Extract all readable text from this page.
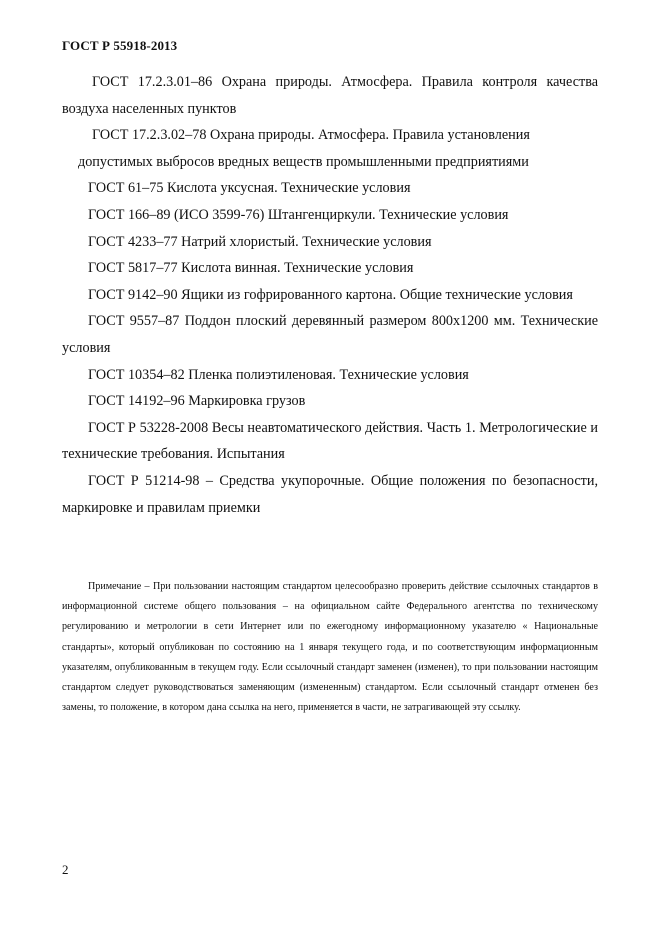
ГОСТ Р 55918-2013

ГОСТ 17.2.3.01–86 Охрана природы. Атмосфера. Правила контроля качества воздуха населенных пунктов

ГОСТ 17.2.3.02–78 Охрана природы. Атмосфера. Правила установления
допустимых выбросов вредных веществ промышленными предприятиями

ГОСТ 61–75 Кислота уксусная. Технические условия

ГОСТ 166–89 (ИСО 3599-76) Штангенциркули. Технические условия

ГОСТ 4233–77 Натрий хлористый. Технические условия

ГОСТ 5817–77 Кислота винная. Технические условия

ГОСТ 9142–90 Ящики из гофрированного картона. Общие технические условия

ГОСТ 9557–87 Поддон плоский деревянный размером 800х1200 мм. Технические условия

ГОСТ 10354–82 Пленка полиэтиленовая. Технические условия

ГОСТ 14192–96 Маркировка грузов

ГОСТ Р 53228-2008 Весы неавтоматического действия. Часть 1. Метрологические и технические требования. Испытания

ГОСТ Р 51214-98 – Средства укупорочные. Общие положения по безопасности, маркировке и правилам приемки

Примечание – При пользовании настоящим стандартом целесообразно проверить действие ссылочных стандартов в информационной системе общего пользования – на официальном сайте Федерального агентства по техническому регулированию и метрологии в сети Интернет или по ежегодному информационному указателю « Национальные стандарты», который опубликован по состоянию на 1 января текущего года, и по соответствующим информационным указателям, опубликованным в текущем году. Если ссылочный стандарт заменен (изменен), то при пользовании настоящим стандартом следует руководствоваться заменяющим (измененным) стандартом. Если ссылочный стандарт отменен без замены, то положение, в котором дана ссылка на него, применяется в части, не затрагивающей эту ссылку.

2
